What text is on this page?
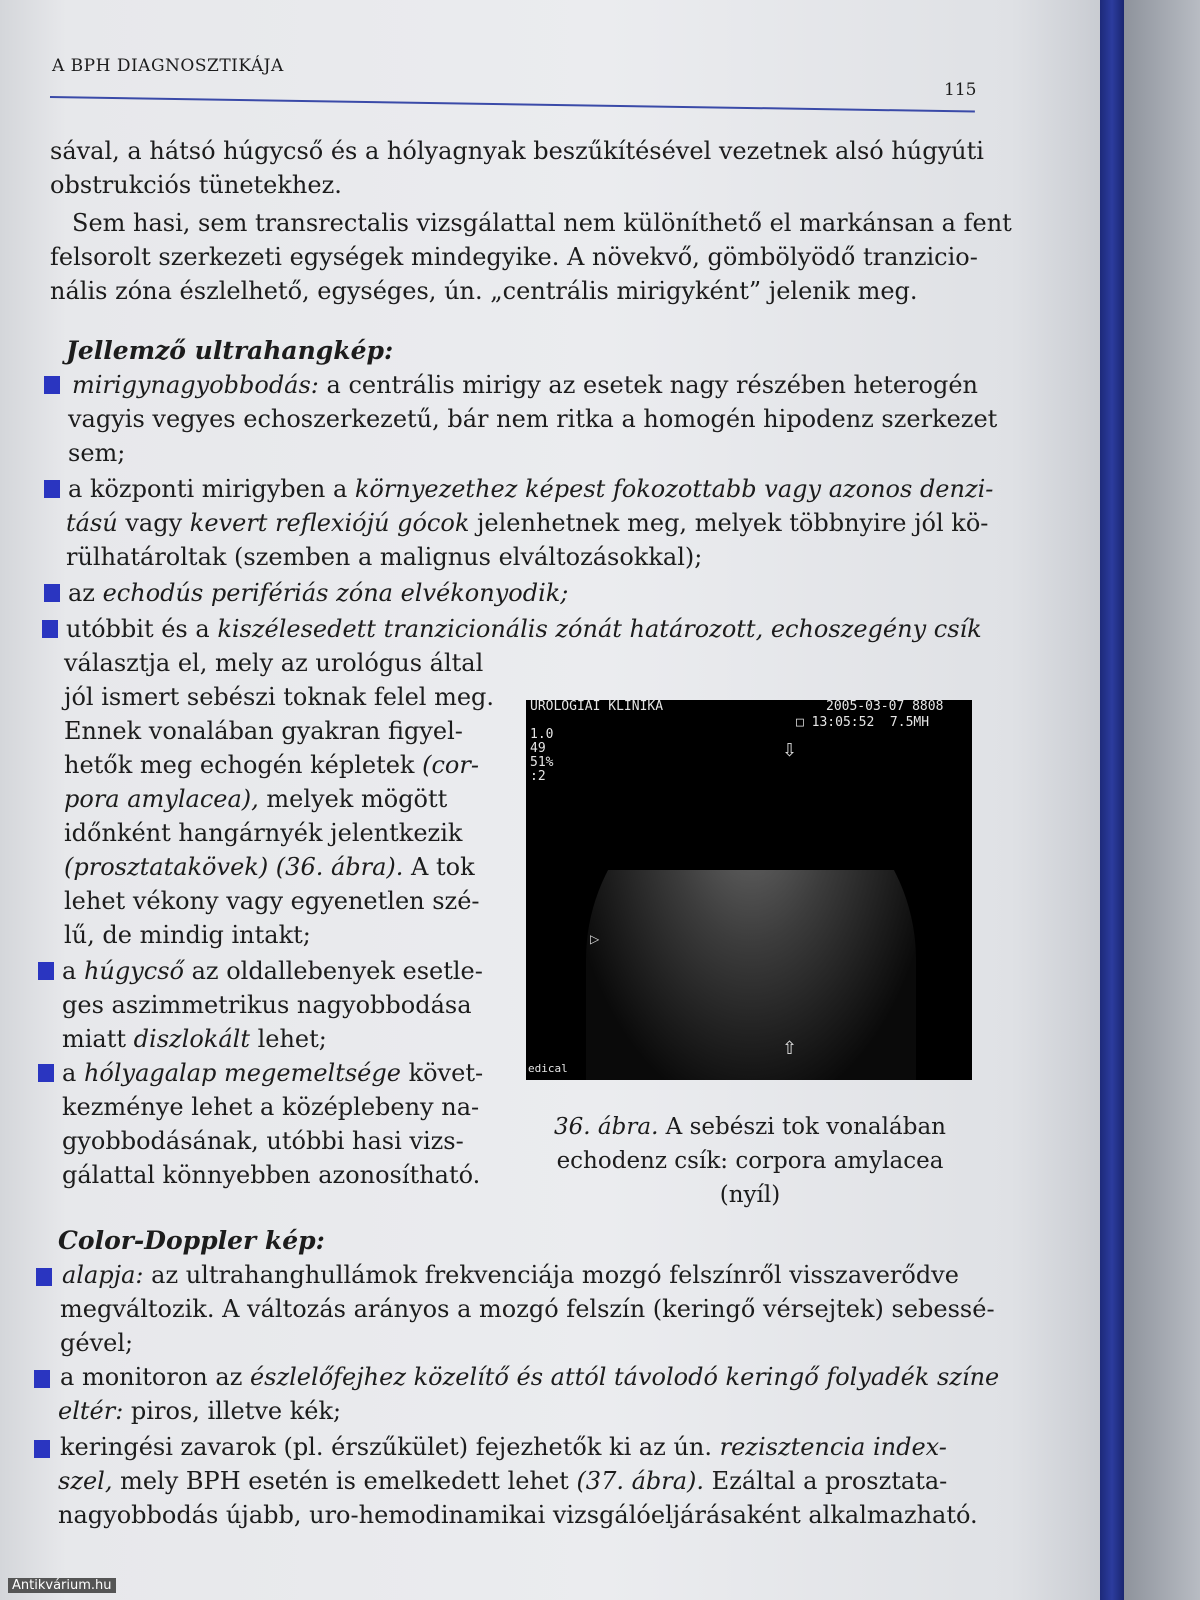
A BPH DIAGNOSZTIKÁJA
115

sával, a hátsó húgycső és a hólyagnyak beszűkítésével vezetnek alsó húgyúti

obstrukciós tünetekhez.

Sem hasi, sem transrectalis vizsgálattal nem különíthető el markánsan a fent

felsorolt szerkezeti egységek mindegyike. A növekvő, gömbölyödő tranzicio-

nális zóna észlelhető, egységes, ún. „centrális mirigyként” jelenik meg.

Jellemző ultrahangkép:

mirigynagyobbodás: a centrális mirigy az esetek nagy részében heterogén

vagyis vegyes echoszerkezetű, bár nem ritka a homogén hipodenz szerkezet

sem;

a központi mirigyben a környezethez képest fokozottabb vagy azonos denzi-

tású vagy kevert reflexiójú gócok jelenhetnek meg, melyek többnyire jól kö-

rülhatároltak (szemben a malignus elváltozásokkal);

az echodús perifériás zóna elvékonyodik;

utóbbit és a kiszélesedett tranzicionális zónát határozott, echoszegény csík

választja el, mely az urológus által

jól ismert sebészi toknak felel meg.

Ennek vonalában gyakran figyel-

hetők meg echogén képletek (cor-

pora amylacea), melyek mögött

időnként hangárnyék jelentkezik

(prosztatakövek) (36. ábra). A tok

lehet vékony vagy egyenetlen szé-

lű, de mindig intakt;

a húgycső az oldallebenyek esetle-

ges aszimmetrikus nagyobbodása

miatt diszlokált lehet;

a hólyagalap megemeltsége követ-

kezménye lehet a középlebeny na-

gyobbodásának, utóbbi hasi vizs-

gálattal könnyebben azonosítható.

UROLOGIAI KLINIKA	2005-03-07 8808
□ 13:05:52  7.5MH
1.0
49
51%
:2
⇩
⇧
▷
edical
36. ábra. A sebészi tok vonalában
echodenz csík: corpora amylacea
(nyíl)

Color-Doppler kép:

alapja: az ultrahanghullámok frekvenciája mozgó felszínről visszaverődve

megváltozik. A változás arányos a mozgó felszín (keringő vérsejtek) sebessé-

gével;

a monitoron az észlelőfejhez közelítő és attól távolodó keringő folyadék színe

eltér: piros, illetve kék;

keringési zavarok (pl. érszűkület) fejezhetők ki az ún. rezisztencia index-

szel, mely BPH esetén is emelkedett lehet (37. ábra). Ezáltal a prosztata-

nagyobbodás újabb, uro-hemodinamikai vizsgálóeljárásaként alkalmazható.

Antikvárium.hu
